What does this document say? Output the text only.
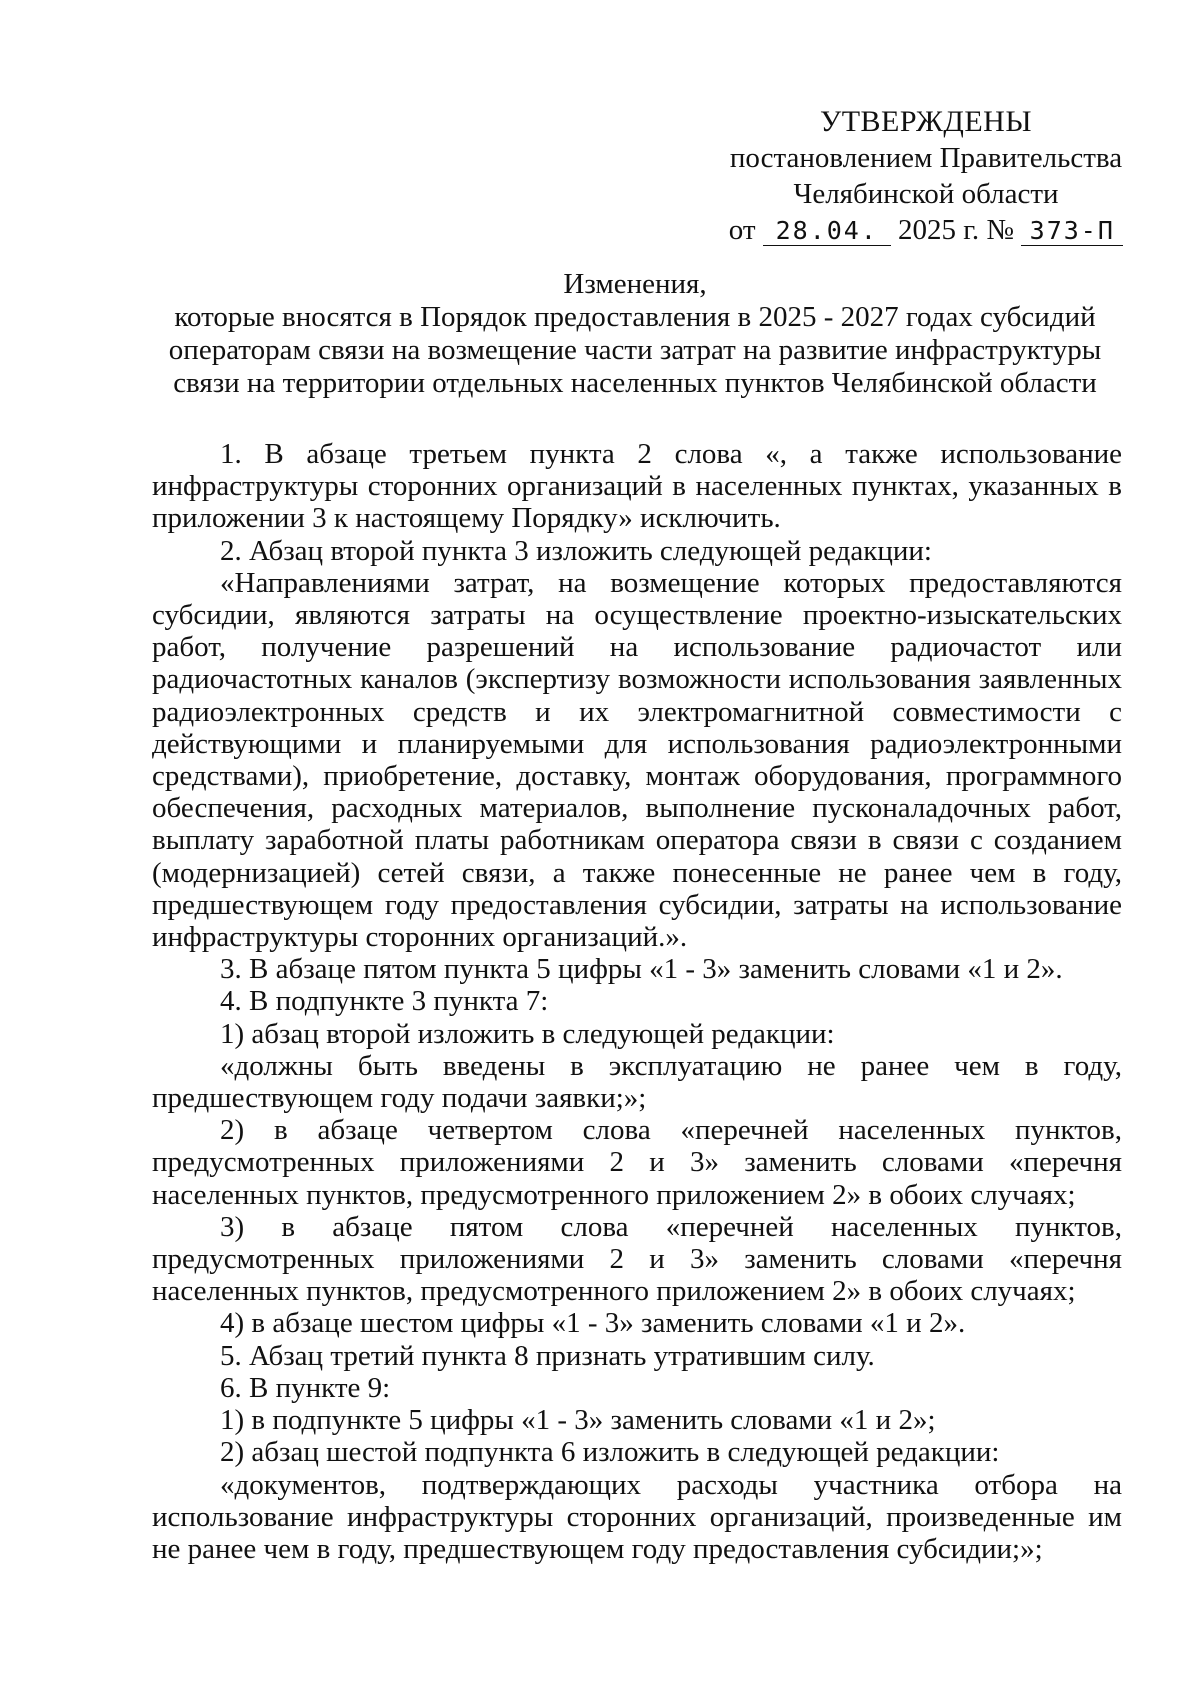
УТВЕРЖДЕНЫ
постановлением Правительства
Челябинской области
от 28.04. 2025 г. № 373-П
Изменения,
которые вносятся в Порядок предоставления в 2025 - 2027 годах субсидий
операторам связи на возмещение части затрат на развитие инфраструктуры
связи на территории отдельных населенных пунктов Челябинской области

1. В абзаце третьем пункта 2 слова «, а также использование инфраструктуры сторонних организаций в населенных пунктах, указанных в приложении 3 к настоящему Порядку» исключить.

2. Абзац второй пункта 3 изложить следующей редакции:

«Направлениями затрат, на возмещение которых предоставляются субсидии, являются затраты на осуществление проектно-изыскательских работ, получение разрешений на использование радиочастот или радиочастотных каналов (экспертизу возможности использования заявленных радиоэлектронных средств и их электромагнитной совместимости с действующими и планируемыми для использования радиоэлектронными средствами), приобретение, доставку, монтаж оборудования, программного обеспечения, расходных материалов, выполнение пусконаладочных работ, выплату заработной платы работникам оператора связи в связи с созданием (модернизацией) сетей связи, а также понесенные не ранее чем в году, предшествующем году предоставления субсидии, затраты на использование инфраструктуры сторонних организаций.».

3. В абзаце пятом пункта 5 цифры «1 - 3» заменить словами «1 и 2».

4. В подпункте 3 пункта 7:

1) абзац второй изложить в следующей редакции:

«должны быть введены в эксплуатацию не ранее чем в году, предшествующем году подачи заявки;»;

2) в абзаце четвертом слова «перечней населенных пунктов, предусмотренных приложениями 2 и 3» заменить словами «перечня населенных пунктов, предусмотренного приложением 2» в обоих случаях;

3) в абзаце пятом слова «перечней населенных пунктов, предусмотренных приложениями 2 и 3» заменить словами «перечня населенных пунктов, предусмотренного приложением 2» в обоих случаях;

4) в абзаце шестом цифры «1 - 3» заменить словами «1 и 2».

5. Абзац третий пункта 8 признать утратившим силу.

6. В пункте 9:

1) в подпункте 5 цифры «1 - 3» заменить словами «1 и 2»;

2) абзац шестой подпункта 6 изложить в следующей редакции:

«документов, подтверждающих расходы участника отбора на использование инфраструктуры сторонних организаций, произведенные им не ранее чем в году, предшествующем году предоставления субсидии;»;
